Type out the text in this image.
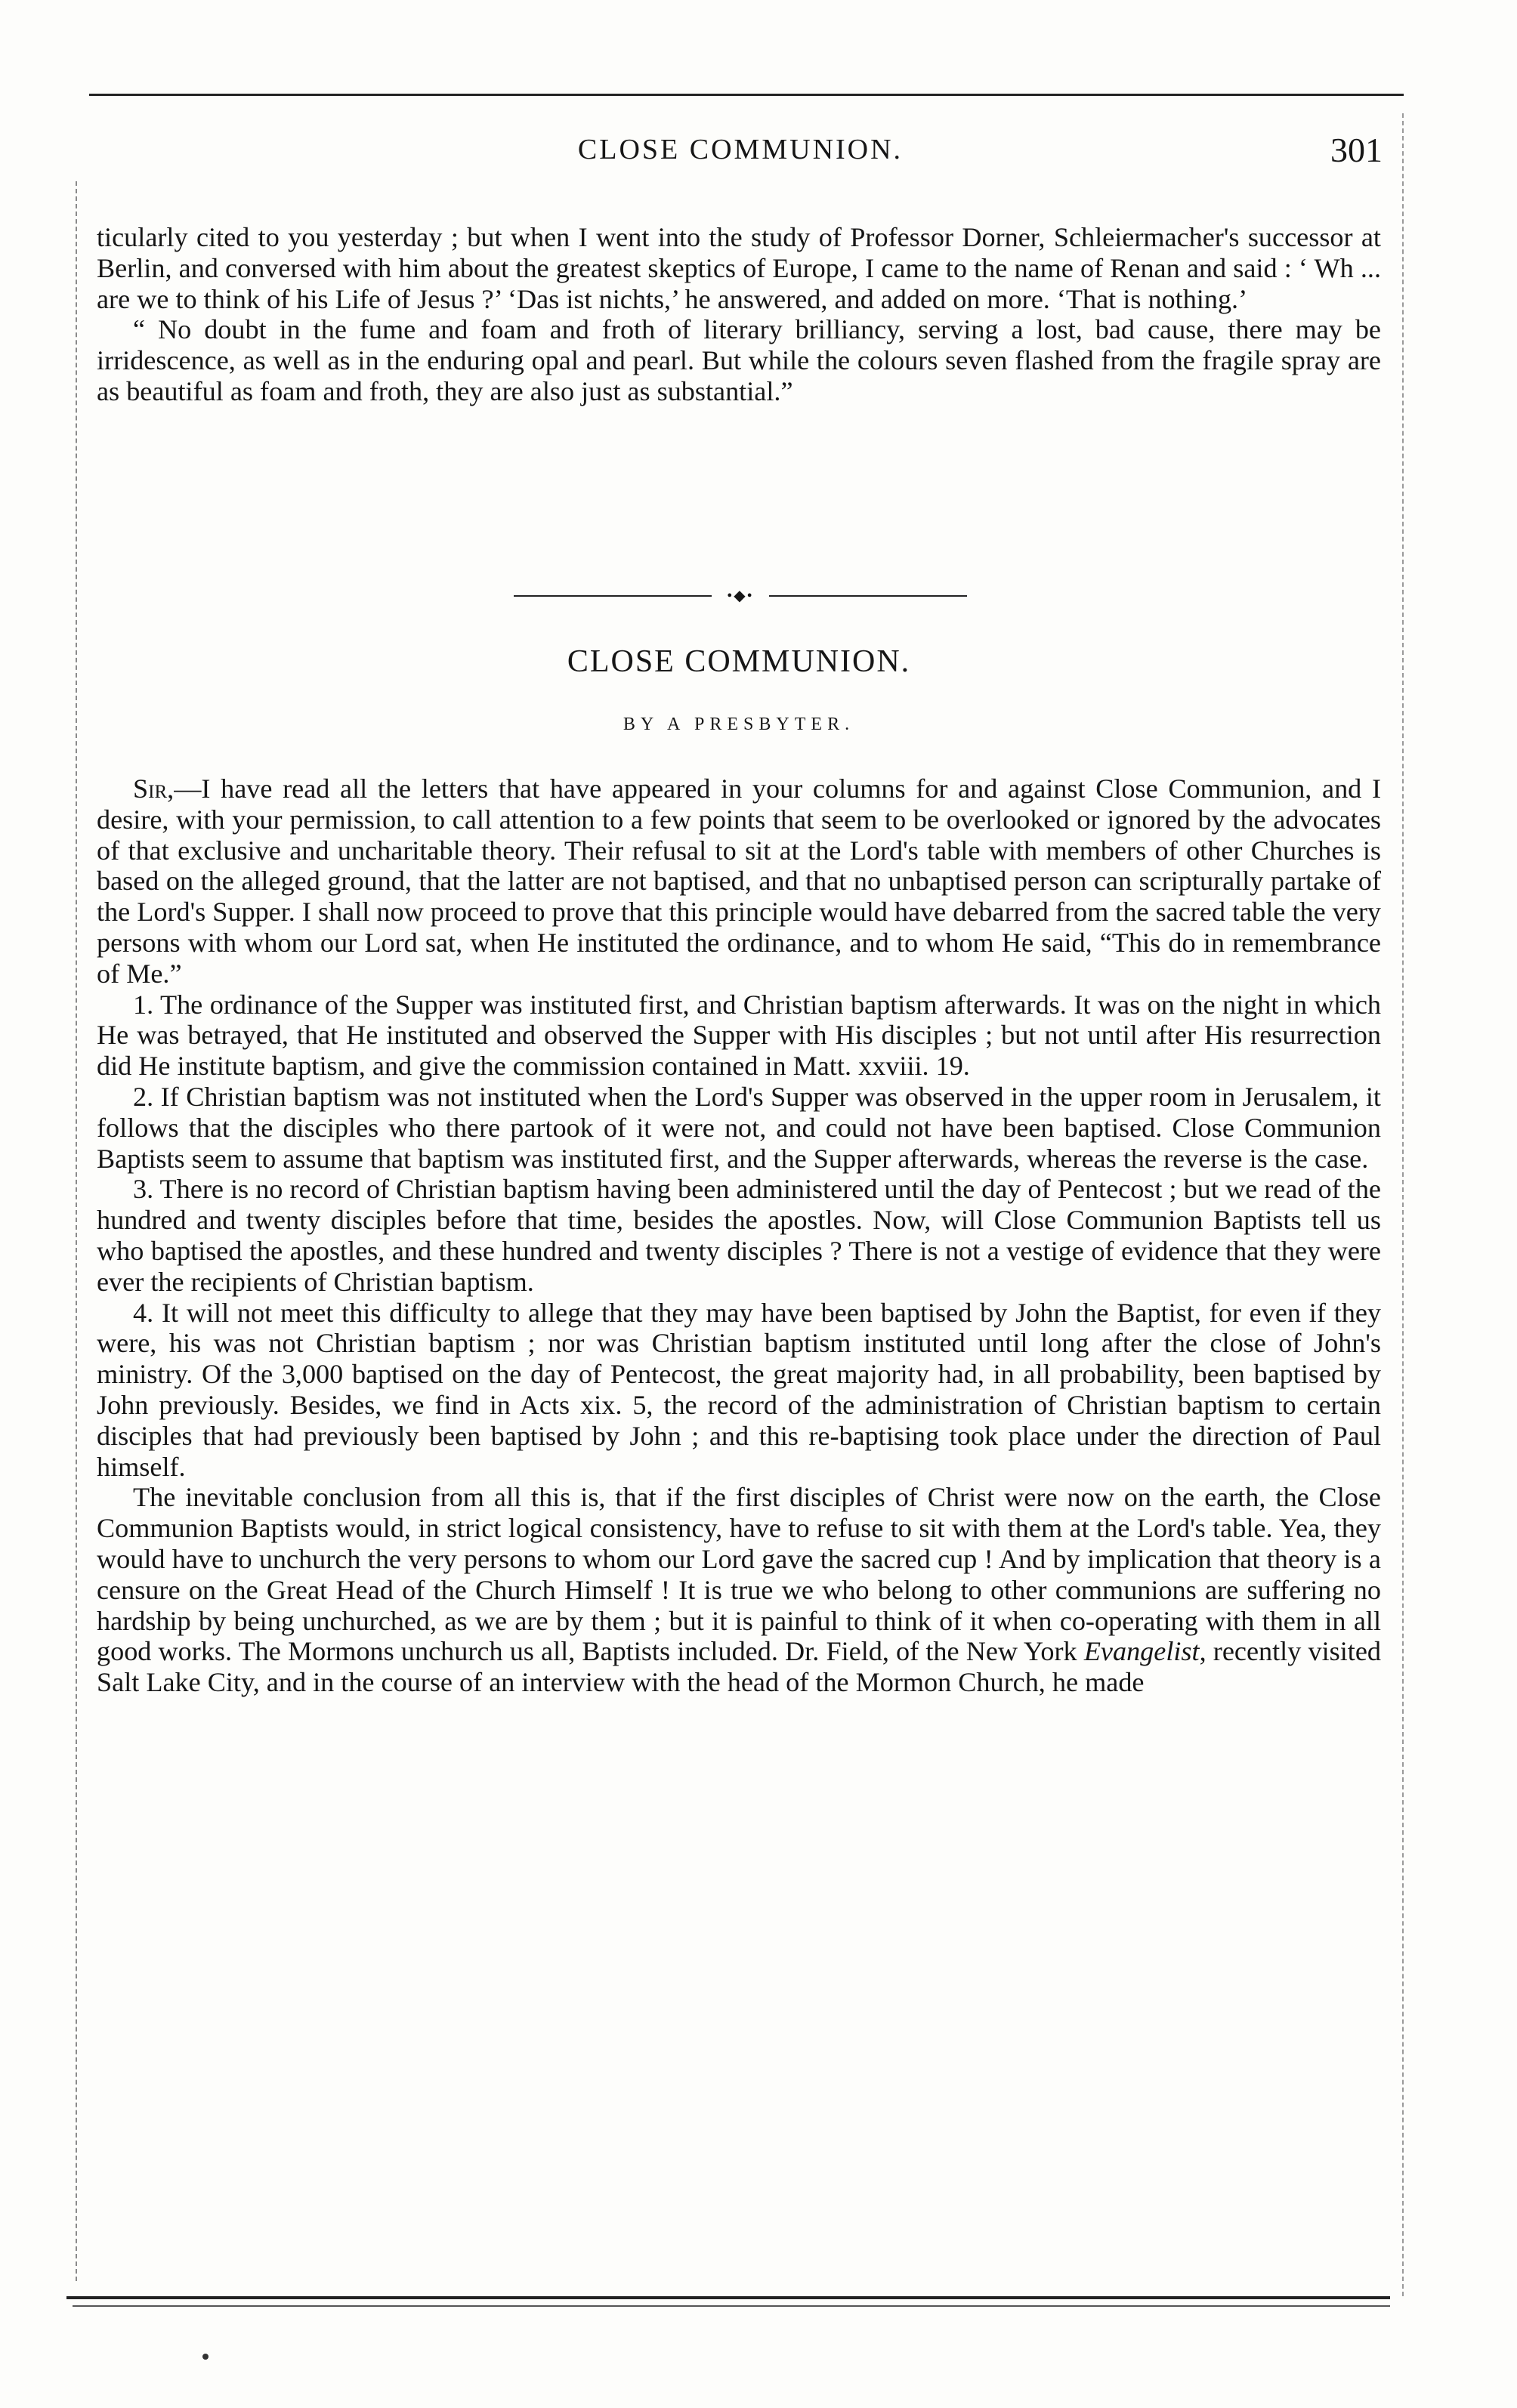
CLOSE COMMUNION.	301

ticularly cited to you yesterday ; but when I went into the study of Professor Dorner, Schleiermacher's successor at Berlin, and conversed with him about the greatest skeptics of Europe, I came to the name of Renan and said : ‘ Wh ... are we to think of his Life of Jesus ?’ ‘Das ist nichts,’ he answered, and added on more. ‘That is nothing.’

“ No doubt in the fume and foam and froth of literary brilliancy, serving a lost, bad cause, there may be irridescence, as well as in the enduring opal and pearl. But while the colours seven flashed from the fragile spray are as beautiful as foam and froth, they are also just as substantial.”

•◆•
CLOSE COMMUNION.
BY A PRESBYTER.

Sir,—I have read all the letters that have appeared in your columns for and against Close Communion, and I desire, with your permission, to call attention to a few points that seem to be overlooked or ignored by the advocates of that exclusive and uncharitable theory. Their refusal to sit at the Lord's table with members of other Churches is based on the alleged ground, that the latter are not baptised, and that no unbaptised person can scripturally partake of the Lord's Supper. I shall now proceed to prove that this principle would have debarred from the sacred table the very persons with whom our Lord sat, when He instituted the ordinance, and to whom He said, “This do in remembrance of Me.”

1. The ordinance of the Supper was instituted first, and Christian baptism afterwards. It was on the night in which He was betrayed, that He instituted and observed the Supper with His disciples ; but not until after His resurrection did He institute baptism, and give the commission contained in Matt. xxviii. 19.

2. If Christian baptism was not instituted when the Lord's Supper was observed in the upper room in Jerusalem, it follows that the disciples who there partook of it were not, and could not have been baptised. Close Communion Baptists seem to assume that baptism was instituted first, and the Supper afterwards, whereas the reverse is the case.

3. There is no record of Christian baptism having been administered until the day of Pentecost ; but we read of the hundred and twenty disciples before that time, besides the apostles. Now, will Close Communion Baptists tell us who baptised the apostles, and these hundred and twenty disciples ? There is not a vestige of evidence that they were ever the recipients of Christian baptism.

4. It will not meet this difficulty to allege that they may have been baptised by John the Baptist, for even if they were, his was not Christian baptism ; nor was Christian baptism instituted until long after the close of John's ministry. Of the 3,000 baptised on the day of Pentecost, the great majority had, in all probability, been baptised by John previously. Besides, we find in Acts xix. 5, the record of the administration of Christian baptism to certain disciples that had previously been baptised by John ; and this re-baptising took place under the direction of Paul himself.

The inevitable conclusion from all this is, that if the first disciples of Christ were now on the earth, the Close Communion Baptists would, in strict logical consistency, have to refuse to sit with them at the Lord's table. Yea, they would have to unchurch the very persons to whom our Lord gave the sacred cup ! And by implication that theory is a censure on the Great Head of the Church Himself ! It is true we who belong to other communions are suffering no hardship by being unchurched, as we are by them ; but it is painful to think of it when co-operating with them in all good works. The Mormons unchurch us all, Baptists included. Dr. Field, of the New York Evangelist, recently visited Salt Lake City, and in the course of an interview with the head of the Mormon Church, he made
